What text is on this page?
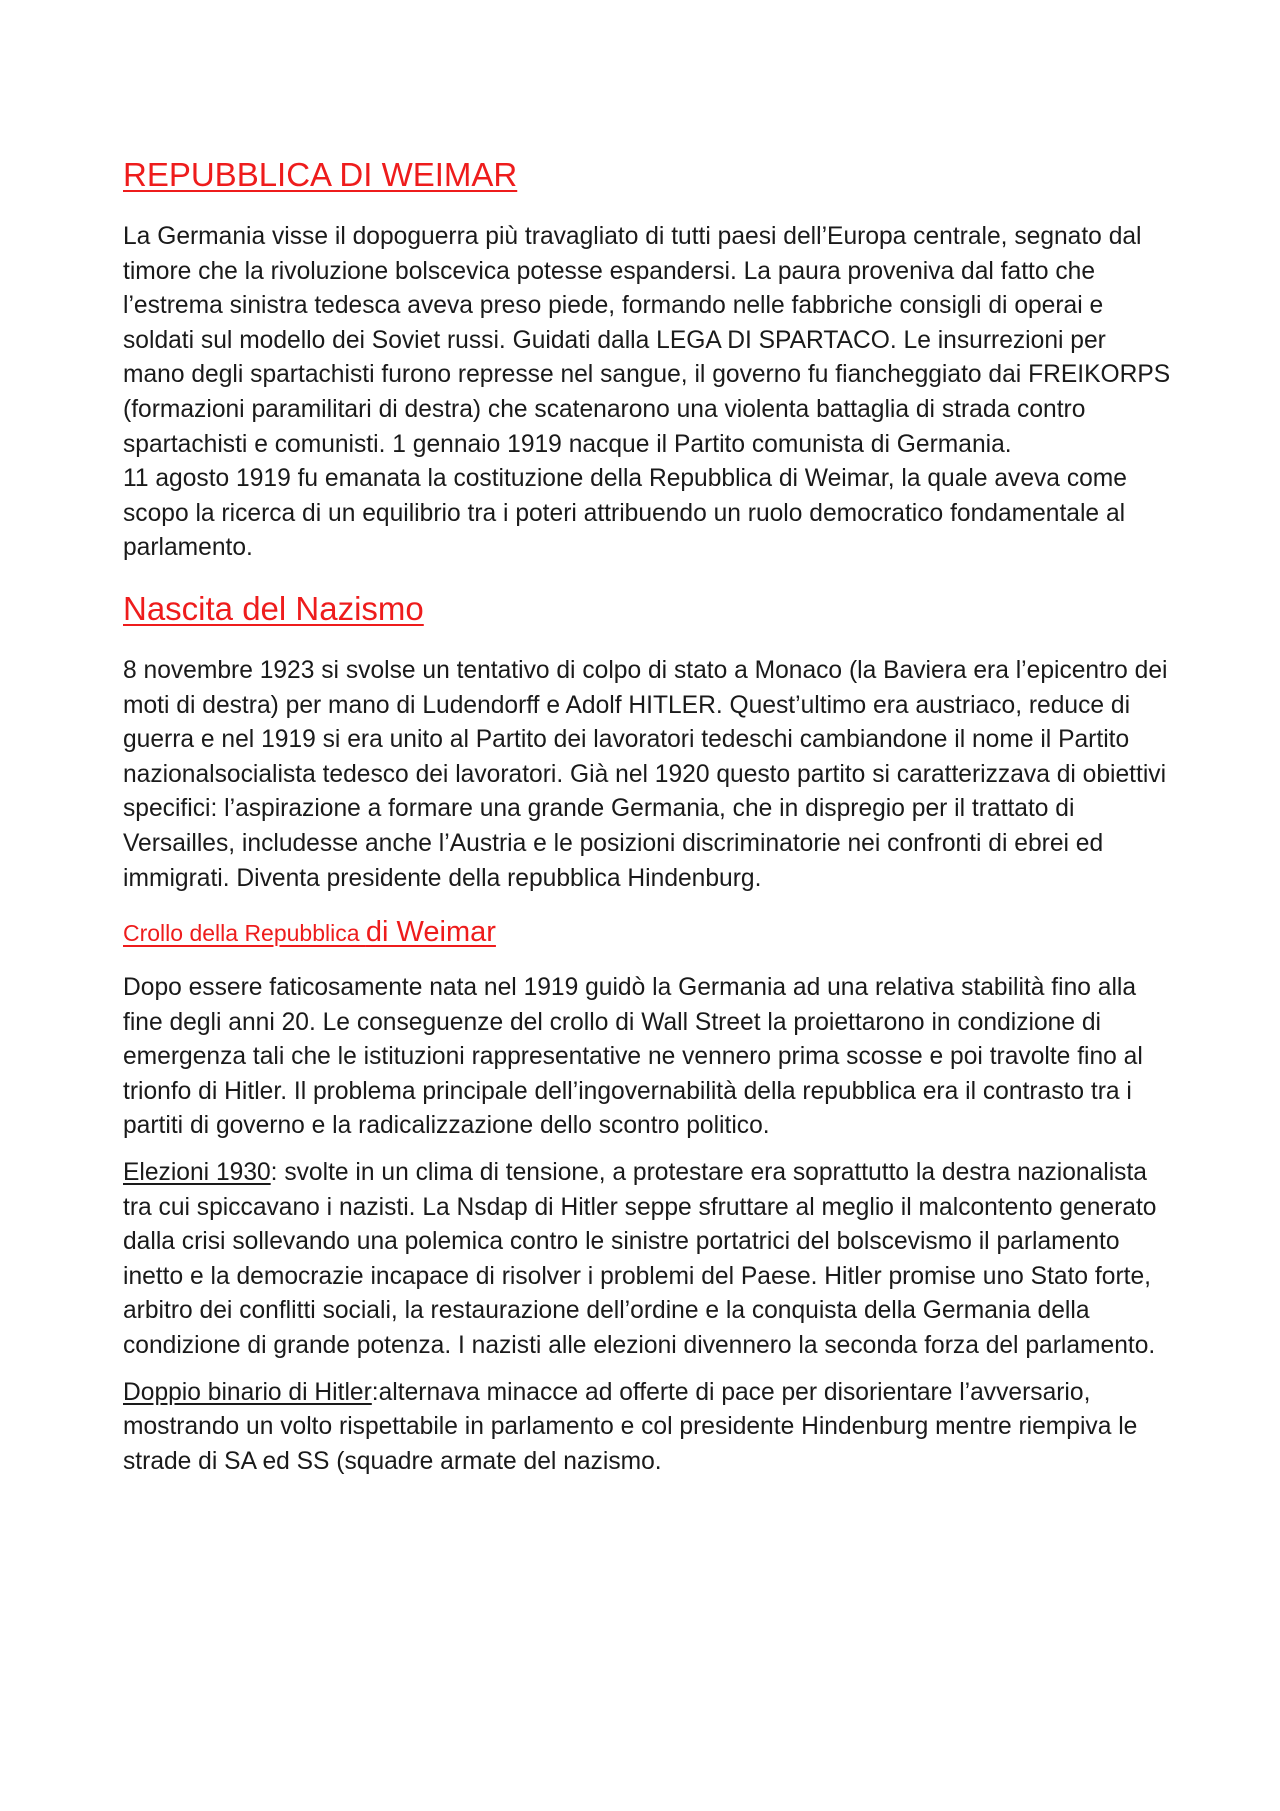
REPUBBLICA DI WEIMAR

La Germania visse il dopoguerra più travagliato di tutti paesi dell’Europa centrale, segnato dal timore che la rivoluzione bolscevica potesse espandersi. La paura proveniva dal fatto che l’estrema sinistra tedesca aveva preso piede, formando nelle fabbriche consigli di operai e soldati sul modello dei Soviet russi. Guidati dalla LEGA DI SPARTACO. Le insurrezioni per mano degli spartachisti furono represse nel sangue, il governo fu fiancheggiato dai FREIKORPS (formazioni paramilitari di destra) che scatenarono una violenta battaglia di strada contro spartachisti e comunisti. 1 gennaio 1919 nacque il Partito comunista di Germania.

11 agosto 1919 fu emanata la costituzione della Repubblica di Weimar, la quale aveva come scopo la ricerca di un equilibrio tra i poteri attribuendo un ruolo democratico fondamentale al parlamento.

Nascita del Nazismo

8 novembre 1923 si svolse un tentativo di colpo di stato a Monaco (la Baviera era l’epicentro dei moti di destra) per mano di Ludendorff e Adolf HITLER. Quest’ultimo era austriaco, reduce di guerra e nel 1919 si era unito al Partito dei lavoratori tedeschi cambiandone il nome il Partito nazionalsocialista tedesco dei lavoratori. Già nel 1920 questo partito si caratterizzava di obiettivi specifici: l’aspirazione a formare una grande Germania, che in dispregio per il trattato di Versailles, includesse anche l’Austria e le posizioni discriminatorie nei confronti di ebrei ed immigrati. Diventa presidente della repubblica Hindenburg.

Crollo della Repubblica di Weimar

Dopo essere faticosamente nata nel 1919 guidò la Germania ad una relativa stabilità fino alla fine degli anni 20. Le conseguenze del crollo di Wall Street la proiettarono in condizione di emergenza tali che le istituzioni rappresentative ne vennero prima scosse e poi travolte fino al trionfo di Hitler. Il problema principale dell’ingovernabilità della repubblica era il contrasto tra i partiti di governo e la radicalizzazione dello scontro politico.

Elezioni 1930: svolte in un clima di tensione, a protestare era soprattutto la destra nazionalista tra cui spiccavano i nazisti. La Nsdap di Hitler seppe sfruttare al meglio il malcontento generato dalla crisi sollevando una polemica contro le sinistre portatrici del bolscevismo il parlamento inetto e la democrazie incapace di risolver i problemi del Paese. Hitler promise uno Stato forte, arbitro dei conflitti sociali, la restaurazione dell’ordine e la conquista della Germania della condizione di grande potenza. I nazisti alle elezioni divennero la seconda forza del parlamento.

Doppio binario di Hitler:alternava minacce ad offerte di pace per disorientare l’avversario, mostrando un volto rispettabile in parlamento e col presidente Hindenburg mentre riempiva le strade di SA ed SS (squadre armate del nazismo.
